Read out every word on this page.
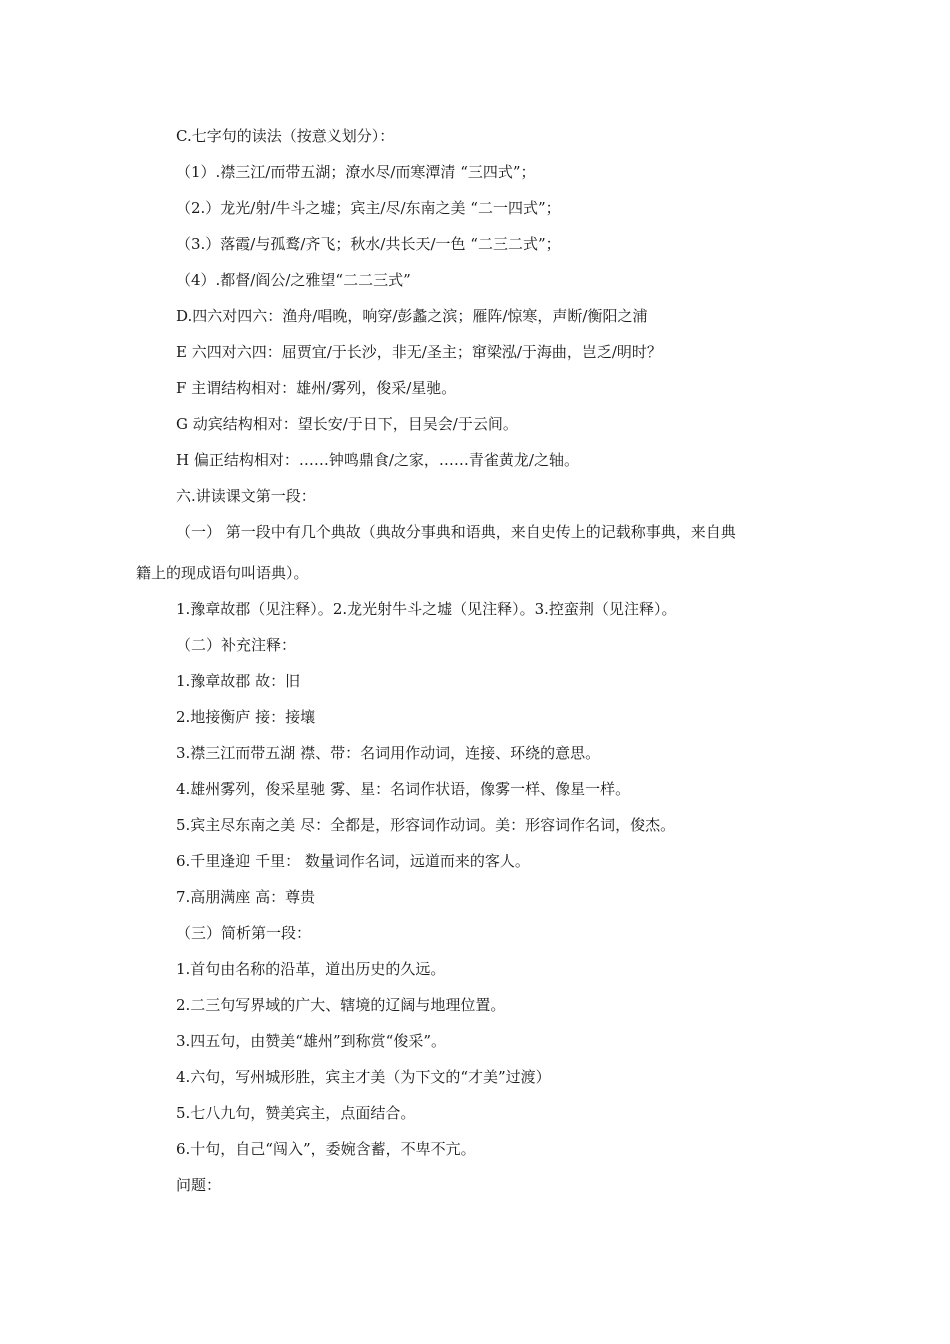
C.七字句的读法（按意义划分）：
（1）.襟三江/而带五湖；潦水尽/而寒潭清 “三四式”；
（2.）龙光/射/牛斗之墟；宾主/尽/东南之美 “二一四式”；
（3.）落霞/与孤鹜/齐飞；秋水/共长天/一色 “二三二式”；
（4）.都督/阎公/之雅望“二二三式”
D.四六对四六：渔舟/唱晚，响穿/彭蠡之滨；雁阵/惊寒，声断/衡阳之浦
E 六四对六四：屈贾宜/于长沙，非无/圣主；窜梁泓/于海曲，岂乏/明时？
F 主谓结构相对：雄州/雾列，俊采/星驰。
G 动宾结构相对：望长安/于日下，目吴会/于云间。
H 偏正结构相对：……钟鸣鼎食/之家，……青雀黄龙/之轴。
六.讲读课文第一段：
（一） 第一段中有几个典故（典故分事典和语典，来自史传上的记载称事典，来自典
籍上的现成语句叫语典）。
1.豫章故郡（见注释）。2.龙光射牛斗之墟（见注释）。3.控蛮荆（见注释）。
（二）补充注释：
1.豫章故郡 故：旧
2.地接衡庐 接：接壤
3.襟三江而带五湖 襟、带：名词用作动词，连接、环绕的意思。
4.雄州雾列，俊采星驰 雾、星：名词作状语，像雾一样、像星一样。
5.宾主尽东南之美 尽：全都是，形容词作动词。美：形容词作名词，俊杰。
6.千里逢迎 千里： 数量词作名词，远道而来的客人。
7.高朋满座 高：尊贵
（三）简析第一段：
1.首句由名称的沿革，道出历史的久远。
2.二三句写界域的广大、辖境的辽阔与地理位置。
3.四五句，由赞美“雄州”到称赏“俊采”。
4.六句，写州城形胜，宾主才美（为下文的“才美”过渡）
5.七八九句，赞美宾主，点面结合。
6.十句，自己“闯入”，委婉含蓄，不卑不亢。
问题：
